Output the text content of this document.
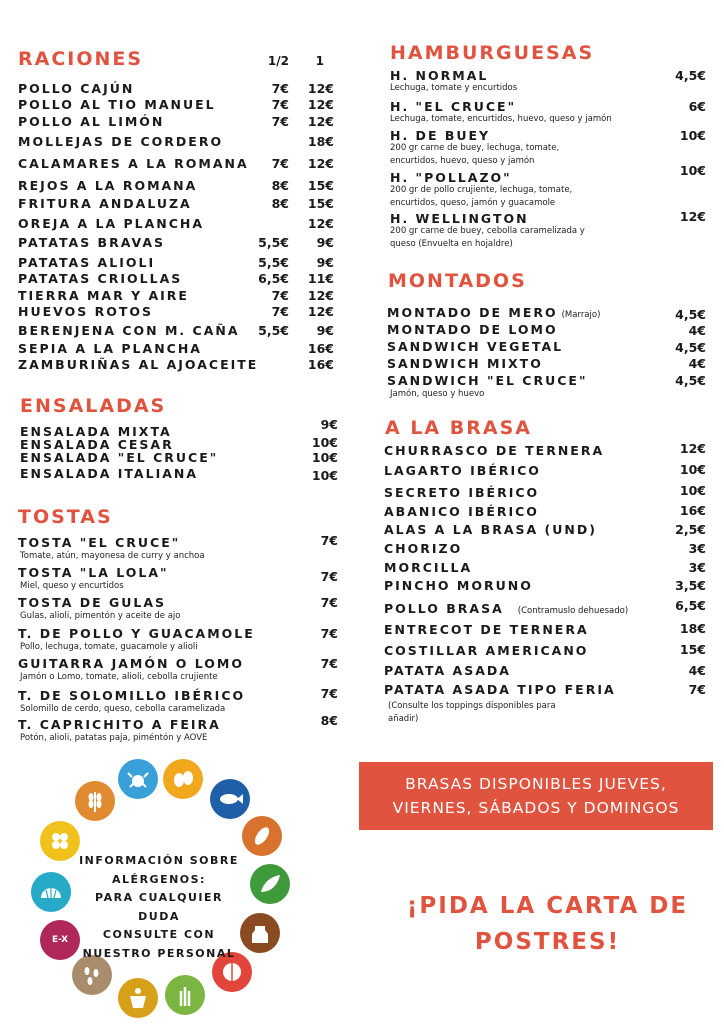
RACIONES	1/2 1
POLLO CAJÚN	7€ 12€
POLLO AL TIO MANUEL	7€ 12€
POLLO AL LIMÓN	7€ 12€
MOLLEJAS DE CORDERO	18€
CALAMARES A LA ROMANA 7€ 12€
REJOS A LA ROMANA	8€ 15€
FRITURA ANDALUZA	8€ 15€
OREJA A LA PLANCHA	12€
PATATAS BRAVAS	5,5€ 9€
PATATAS ALIOLI	5,5€ 9€
PATATAS CRIOLLAS	6,5€ 11€
TIERRA MAR Y AIRE	7€ 12€
HUEVOS ROTOS	7€ 12€
BERENJENA CON M. CAÑA 5,5€ 9€
SEPIA A LA PLANCHA	16€
ZAMBURIÑAS AL AJOACEITE	16€
ENSALADAS
ENSALADA MIXTA	9€
ENSALADA CESAR	10€
ENSALADA "EL CRUCE"	10€
ENSALADA ITALIANA	10€
TOSTAS
TOSTA "EL CRUCE"
Tomate, atún, mayonesa de curry y anchoa
7€
TOSTA "LA LOLA"
Miel, queso y encurtidos
7€
TOSTA DE GULAS
Gulas, alioli, pimentón y aceite de ajo
7€
T. DE POLLO Y GUACAMOLE
Pollo, lechuga, tomate, guacamole y alioli
7€
GUITARRA JAMÓN O LOMO
Jamón o Lomo, tomate, alioli, cebolla crujiente
7€
T. DE SOLOMILLO IBÉRICO
Solomillo de cerdo, queso, cebolla caramelizada
7€
T. CAPRICHITO A FEIRA
Potón, alioli, patatas paja, piméntón y AOVE
8€
HAMBURGUESAS
H. NORMAL
Lechuga, tomate y encurtidos
4,5€
H. "EL CRUCE"
Lechuga, tomate, encurtidos, huevo, queso y jamón
6€
H. DE BUEY
200 gr carne de buey, lechuga, tomate,
encurtidos, huevo, queso y jamón
10€
H. "POLLAZO"
200 gr de pollo crujiente, lechuga, tomate,
encurtidos, queso, jamón y guacamole
10€
H. WELLINGTON
200 gr carne de buey, cebolla caramelizada y
queso (Envuelta en hojaldre)
12€
MONTADOS
MONTADO DE MERO (Marrajo)	4,5€
MONTADO DE LOMO	4€
SANDWICH VEGETAL	4,5€
SANDWICH MIXTO	4€
SANDWICH "EL CRUCE"	4,5€
Jamón, queso y huevo
A LA BRASA
CHURRASCO DE TERNERA	12€
LAGARTO IBÉRICO	10€
SECRETO IBÉRICO	10€
ABANICO IBÉRICO	16€
ALAS A LA BRASA (UND)	2,5€
CHORIZO	3€
MORCILLA	3€
PINCHO MORUNO	3,5€
POLLO BRASA (Contramuslo dehuesado)	6,5€
ENTRECOT DE TERNERA	18€
COSTILLAR AMERICANO	15€
PATATA ASADA	4€
PATATA ASADA TIPO FERIA	7€
(Consulte los toppings disponibles para
añadir)
BRASAS DISPONIBLES JUEVES,
VIERNES, SÁBADOS Y DOMINGOS
¡PIDA LA CARTA DE
POSTRES!
E-X
INFORMACIÓN SOBRE
ALÉRGENOS:
PARA CUALQUIER DUDA
CONSULTE CON
NUESTRO PERSONAL
